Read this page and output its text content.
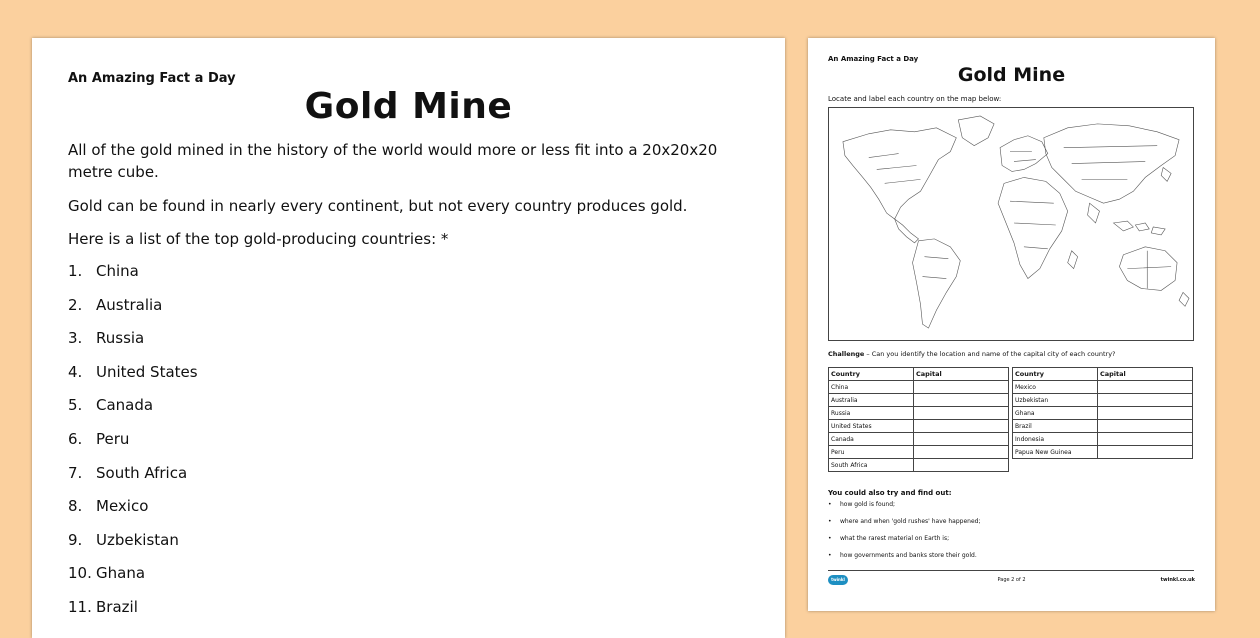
An Amazing Fact a Day
Gold Mine
All of the gold mined in the history of the world would more or less fit into a 20x20x20 metre cube.
Gold can be found in nearly every continent, but not every country produces gold.
Here is a list of the top gold-producing countries: *
1. China
2. Australia
3. Russia
4. United States
5. Canada
6. Peru
7. South Africa
8. Mexico
9. Uzbekistan
10. Ghana
11. Brazil
An Amazing Fact a Day
Gold Mine
Locate and label each country on the map below:
Challenge – Can you identify the location and name of the capital city of each country?
Country	Capital
China	
Australia	
Russia	
United States	
Canada	
Peru	
South Africa	
Country	Capital
Mexico	
Uzbekistan	
Ghana	
Brazil	
Indonesia	
Papua New Guinea	
You could also try and find out:
• how gold is found;
• where and when 'gold rushes' have happened;
• what the rarest material on Earth is;
• how governments and banks store their gold.
twinkl	Page 2 of 2	twinkl.co.uk
